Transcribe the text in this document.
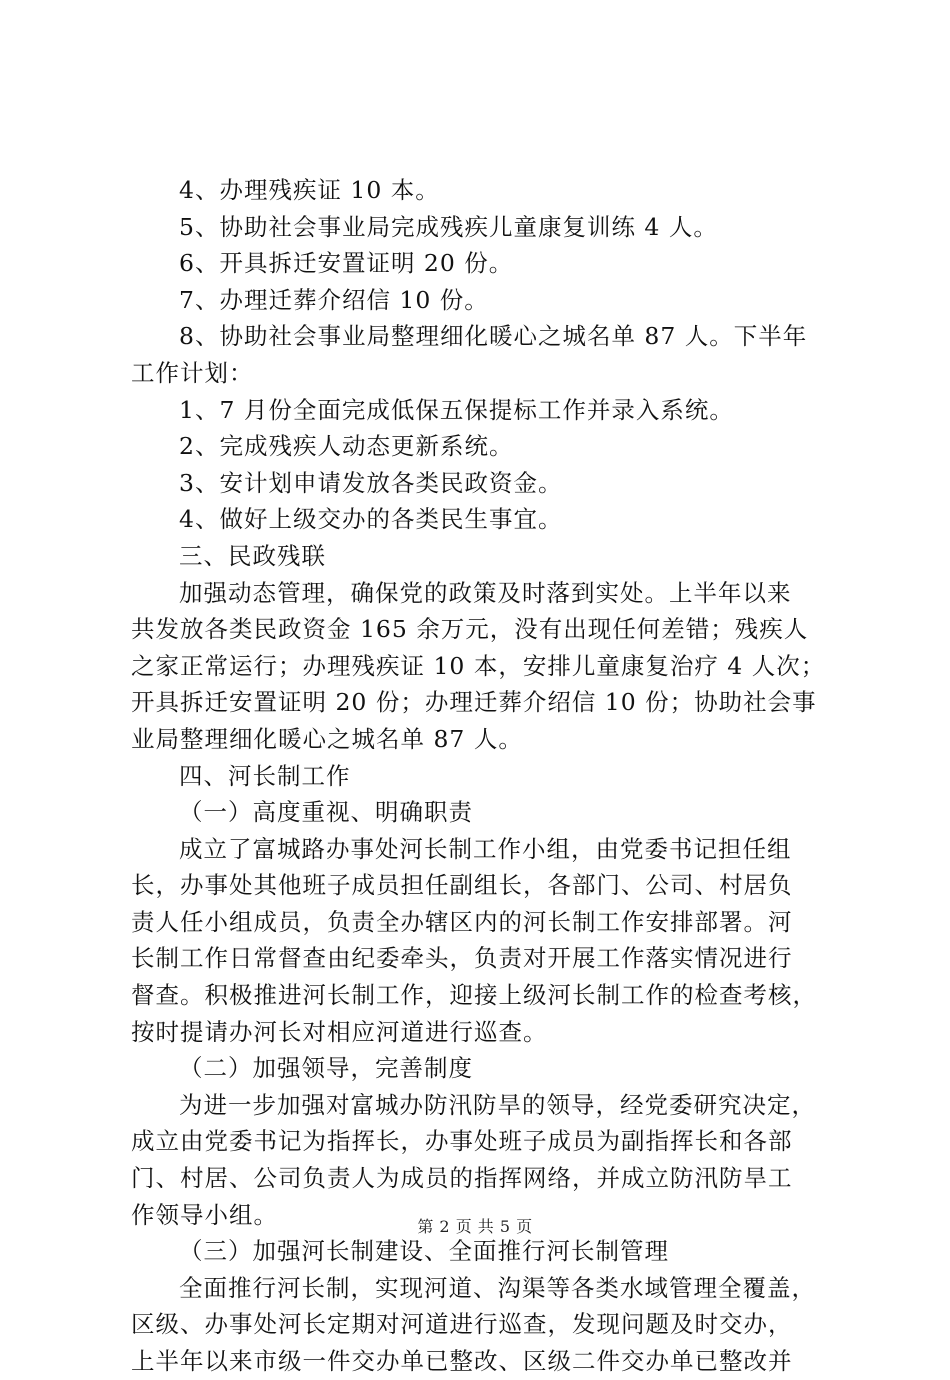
4、办理残疾证 10 本。
5、协助社会事业局完成残疾儿童康复训练 4 人。
6、开具拆迁安置证明 20 份。
7、办理迁葬介绍信 10 份。
8、协助社会事业局整理细化暖心之城名单 87 人。下半年
工作计划：
1、7 月份全面完成低保五保提标工作并录入系统。
2、完成残疾人动态更新系统。
3、安计划申请发放各类民政资金。
4、做好上级交办的各类民生事宜。
三、民政残联
加强动态管理，确保党的政策及时落到实处。上半年以来
共发放各类民政资金 165 余万元，没有出现任何差错；残疾人
之家正常运行；办理残疾证 10 本，安排儿童康复治疗 4 人次；
开具拆迁安置证明 20 份；办理迁葬介绍信 10 份；协助社会事
业局整理细化暖心之城名单 87 人。
四、河长制工作
（一）高度重视、明确职责
成立了富城路办事处河长制工作小组，由党委书记担任组
长，办事处其他班子成员担任副组长，各部门、公司、村居负
责人任小组成员，负责全办辖区内的河长制工作安排部署。河
长制工作日常督查由纪委牵头，负责对开展工作落实情况进行
督查。积极推进河长制工作，迎接上级河长制工作的检查考核，
按时提请办河长对相应河道进行巡查。
（二）加强领导，完善制度
为进一步加强对富城办防汛防旱的领导，经党委研究决定，
成立由党委书记为指挥长，办事处班子成员为副指挥长和各部
门、村居、公司负责人为成员的指挥网络，并成立防汛防旱工
作领导小组。
（三）加强河长制建设、全面推行河长制管理
全面推行河长制，实现河道、沟渠等各类水域管理全覆盖，
区级、办事处河长定期对河道进行巡查，发现问题及时交办，
上半年以来市级一件交办单已整改、区级二件交办单已整改并
第 2 页 共 5 页
